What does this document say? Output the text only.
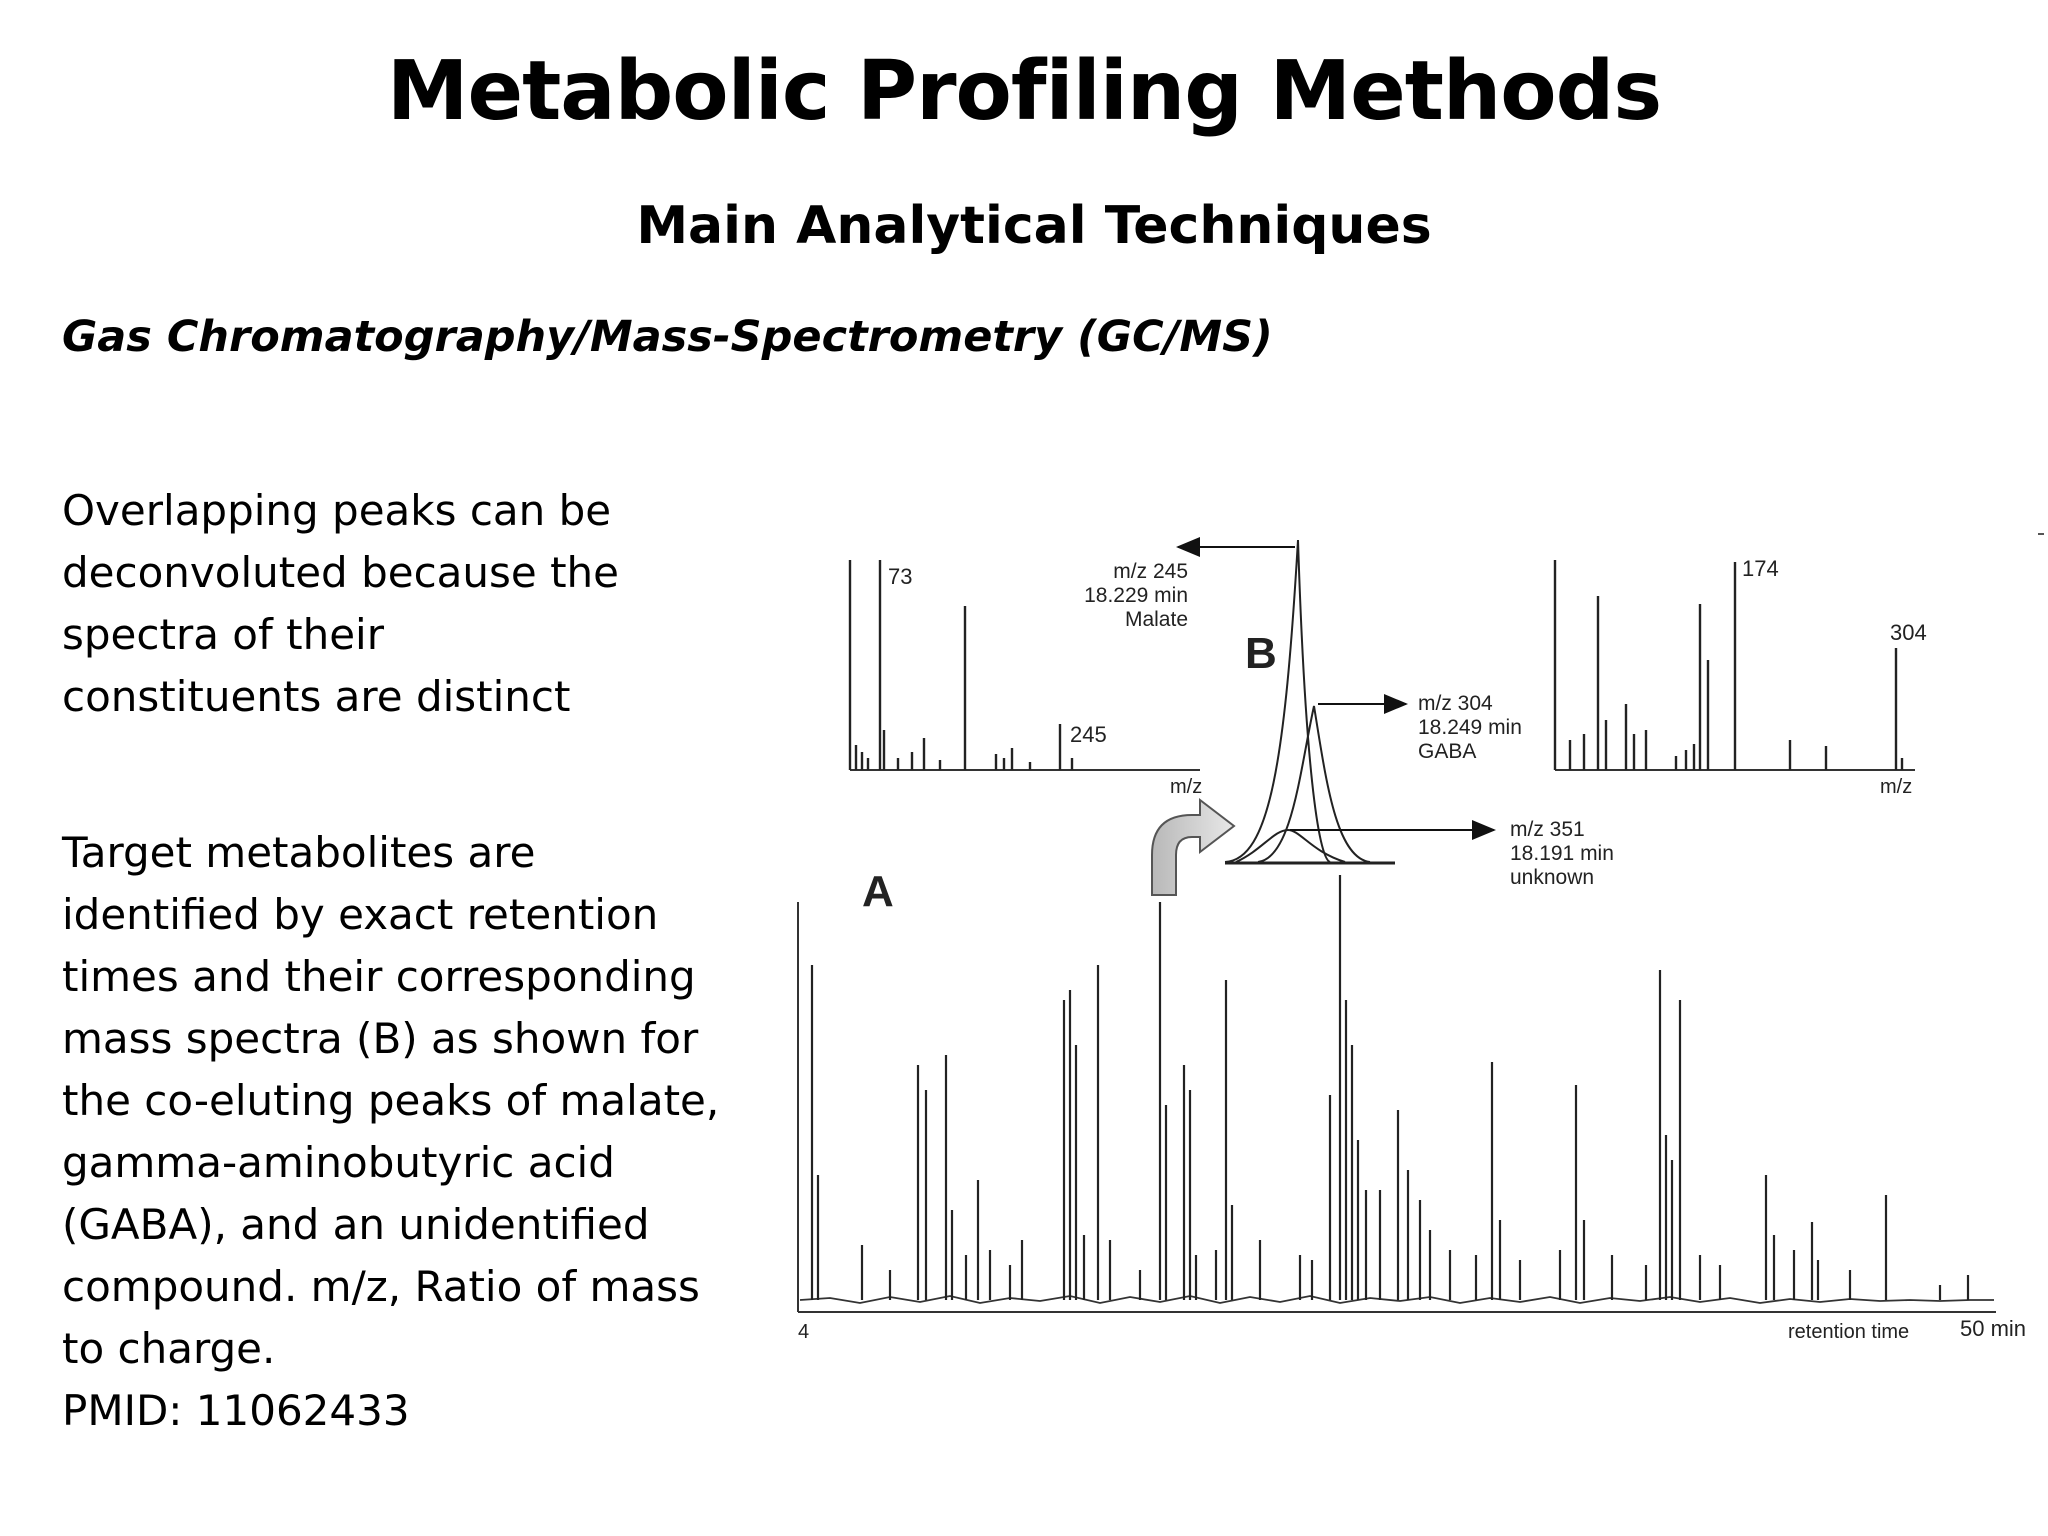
Metabolic Profiling Methods
Main Analytical Techniques
Gas Chromatography/Mass-Spectrometry (GC/MS)
Overlapping peaks can be
deconvoluted because the
spectra of their
constituents are distinct
Target metabolites are
identified by exact retention
times and their corresponding
mass spectra (B) as shown for
the co-eluting peaks of malate,
gamma-aminobutyric acid
(GABA), and an unidentified
compound. m/z, Ratio of mass
to charge.
PMID: 11062433
73
245
m/z
174
304
m/z
B
m/z 245
18.229 min
Malate
m/z 304
18.249 min
GABA
m/z 351
18.191 min
unknown
A
4	retention time 50 min
